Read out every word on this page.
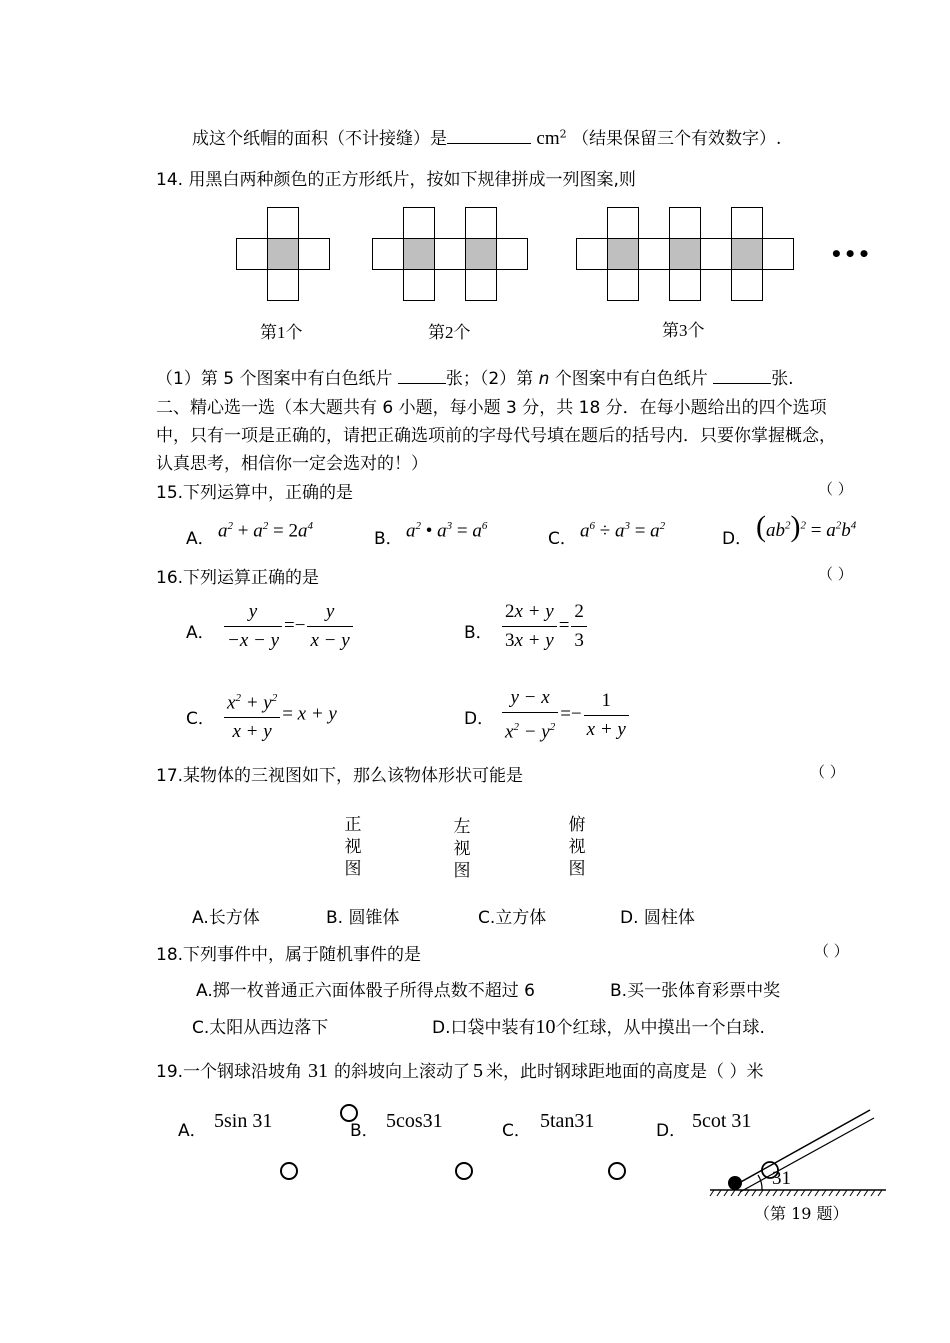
成这个纸帽的面积（不计接缝）是	$cm^2$ （结果保留三个有效数字）.
14. 用黑白两种颜色的正方形纸片，按如下规律拼成一列图案,则
•••
第1个	第2个	第3个
（1）第 5 个图案中有白色纸片	张；（2）第 n 个图案中有白色纸片	张.
二、精心选一选（本大题共有 6 小题，每小题 3 分，共 18 分．在每小题给出的四个选项
中，只有一项是正确的，请把正确选项前的字母代号填在题后的括号内．只要你掌握概念，
认真思考，相信你一定会选对的！）
15.下列运算中，正确的是	（ ）
A． $a^2 + a^2 = 2a^4$
B． $a^2$ • $a^3 = a^6$
C． $a^6 \div a^3 = a^2$
D． $(ab^2)^2 = a^2b^4$
16.下列运算正确的是	（ ）
A． $\frac{y}{-x - y} =- \frac{y}{x - y}$	B． $\frac{2x + y}{3x + y} = \frac{2}{3}$
C． $\frac{x^2 + y^2}{x + y} = x + y$	D． $\frac{y - x}{x^2 - y^2} =- \frac{1}{x + y}$
17.某物体的三视图如下，那么该物体形状可能是	（ ）
正
视
图
左
视
图
俯
视
图
A.长方体	B. 圆锥体	C.立方体	D. 圆柱体
18.下列事件中，属于随机事件的是	（ ）
A.掷一枚普通正六面体骰子所得点数不超过 6	B.买一张体育彩票中奖
C.太阳从西边落下	D.口袋中装有10个红球，从中摸出一个白球.
19.一个钢球沿坡角 31 的斜坡向上滚动了 5 米，此时钢球距地面的高度是（ ）米
A． 5sin 31	B． 5cos31	C． 5tan31	D． 5cot 31
31
（第 19 题）
